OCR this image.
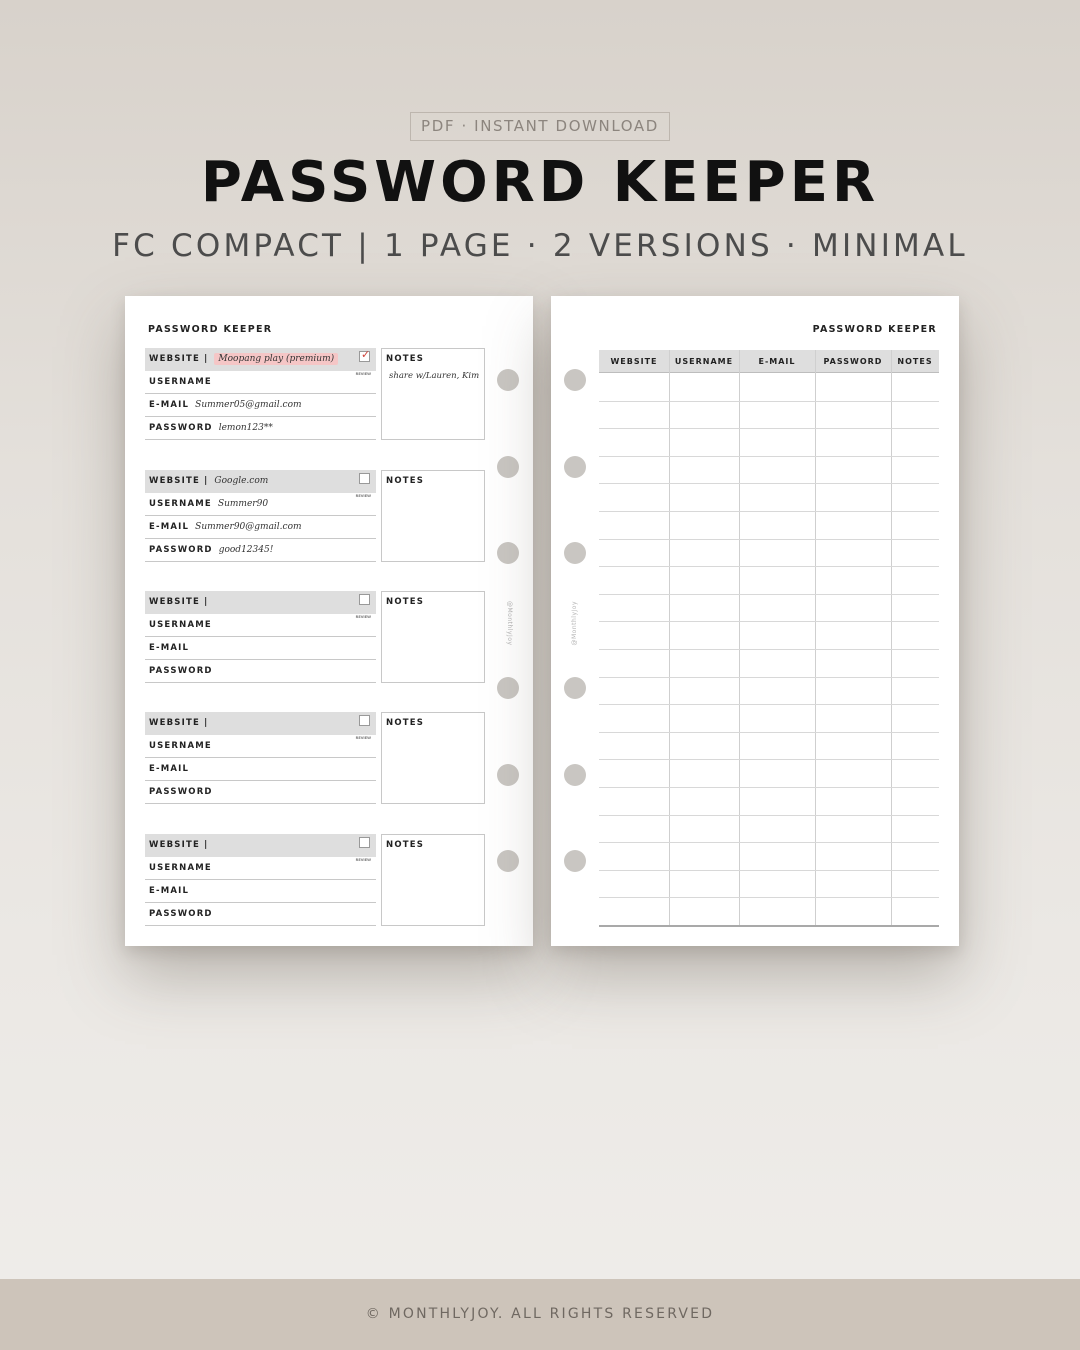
PDF · INSTANT DOWNLOAD
PASSWORD KEEPER
FC COMPACT | 1 PAGE · 2 VERSIONS · MINIMAL
PASSWORD KEEPER
@MonthlyJoy
WEBSITE | Moopang play (premium) ✓
REVIEW
USERNAME
E-MAIL Summer05@gmail.com
PASSWORD lemon123**
NOTES
share w/Lauren, Kim
WEBSITE | Google.com
REVIEW
USERNAME Summer90
E-MAIL Summer90@gmail.com
PASSWORD good12345!
NOTES
WEBSITE |
REVIEW
USERNAME
E-MAIL
PASSWORD
NOTES
WEBSITE |
REVIEW
USERNAME
E-MAIL
PASSWORD
NOTES
WEBSITE |
REVIEW
USERNAME
E-MAIL
PASSWORD
NOTES
PASSWORD KEEPER
@MonthlyJoy
WEBSITE	USERNAME	E-MAIL	PASSWORD	NOTES
© MONTHLYJOY. ALL RIGHTS RESERVED
